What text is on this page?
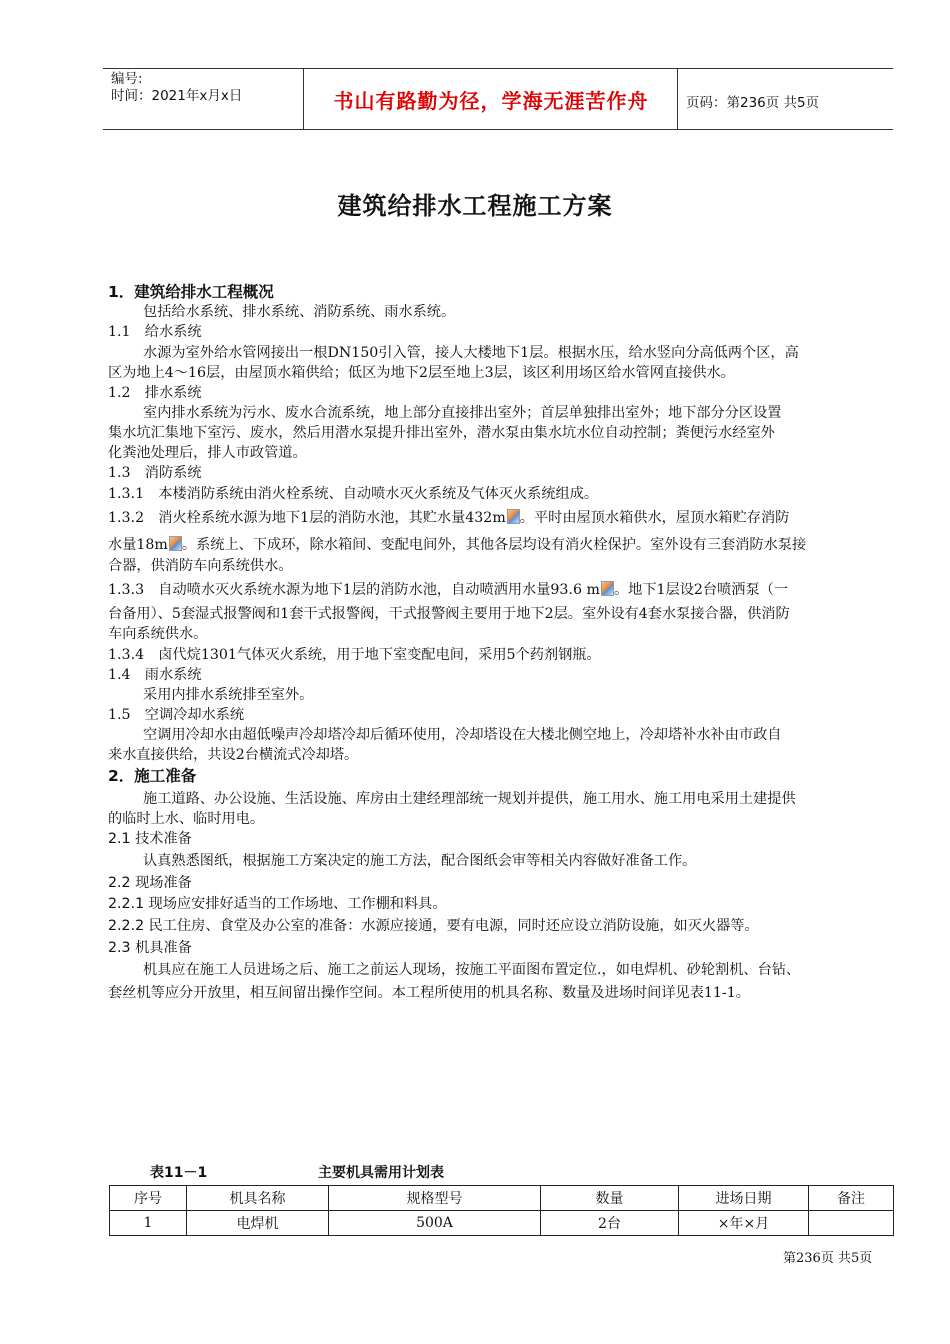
编号:
时间：2021年x月x日	书山有路勤为径，学海无涯苦作舟	页码：第236页 共5页
建筑给排水工程施工方案
1．建筑给排水工程概况
包括给水系统、排水系统、消防系统、雨水系统。
1.1　给水系统
水源为室外给水管网接出一根DN150引入管，接人大楼地下1层。根据水压，给水竖向分高低两个区，高
区为地上4～16层，由屋顶水箱供给；低区为地下2层至地上3层，该区利用场区给水管网直接供水。
1.2　排水系统
室内排水系统为污水、废水合流系统，地上部分直接排出室外；首层单独排出室外；地下部分分区设置
集水坑汇集地下室污、废水，然后用潜水泵提升排出室外，潜水泵由集水坑水位自动控制；粪便污水经室外
化粪池处理后，排人市政管道。
1.3　消防系统
1.3.1　本楼消防系统由消火栓系统、自动喷水灭火系统及气体灭火系统组成。
1.3.2　消火栓系统水源为地下1层的消防水池，其贮水量432m 。平时由屋顶水箱供水，屋顶水箱贮存消防
水量18m 。系统上、下成环，除水箱间、变配电间外，其他各层均设有消火栓保护。室外设有三套消防水泵接
合器，供消防车向系统供水。
1.3.3　自动喷水灭火系统水源为地下1层的消防水池，自动喷洒用水量93.6 m 。地下1层设2台喷洒泵（一
台备用）、5套湿式报警阀和1套干式报警阀，干式报警阀主要用于地下2层。室外设有4套水泵接合器，供消防
车向系统供水。
1.3.4　卤代烷1301气体灭火系统，用于地下室变配电间，采用5个药剂钢瓶。
1.4　雨水系统
采用内排水系统排至室外。
1.5　空调冷却水系统
空调用冷却水由超低噪声冷却塔冷却后循环使用，冷却塔设在大楼北侧空地上，冷却塔补水补由市政自
来水直接供给，共设2台横流式冷却塔。
2．施工准备
施工道路、办公设施、生活设施、库房由土建经理部统一规划并提供，施工用水、施工用电采用土建提供
的临时上水、临时用电。
2.1 技术准备
认真熟悉图纸，根据施工方案决定的施工方法，配合图纸会审等相关内容做好准备工作。
2.2 现场准备
2.2.1 现场应安排好适当的工作场地、工作棚和料具。
2.2.2 民工住房、食堂及办公室的准备：水源应接通，要有电源，同时还应设立消防设施，如灭火器等。
2.3 机具准备
机具应在施工人员进场之后、施工之前运人现场，按施工平面图布置定位.，如电焊机、砂轮割机、台钻、
套丝机等应分开放里，相互间留出操作空间。本工程所使用的机具名称、数量及进场时间详见表11-1。
表11－1	主要机具需用计划表
序号	机具名称	规格型号	数量	进场日期	备注
1	电焊机	500A	2台	×年×月	
第236页 共5页
